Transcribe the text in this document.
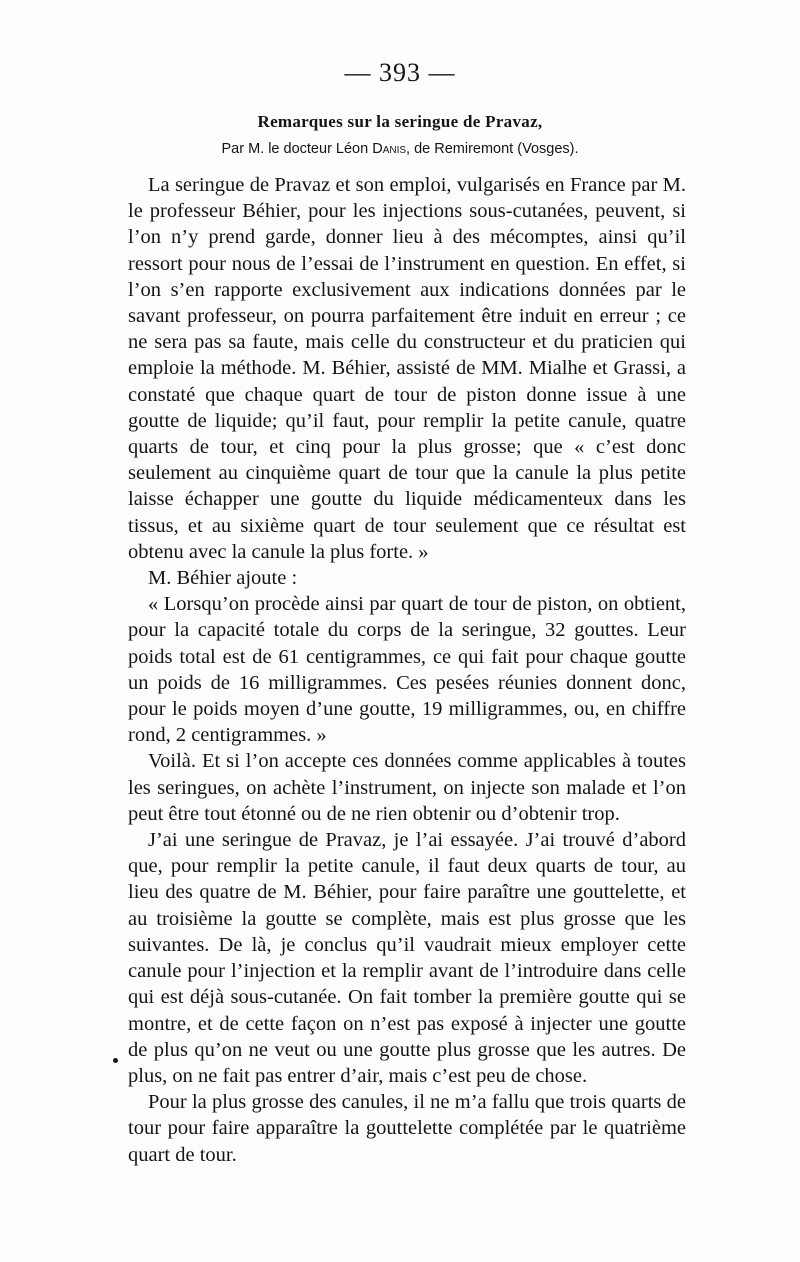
— 393 —
Remarques sur la seringue de Pravaz,
Par M. le docteur Léon Danis, de Remiremont (Vosges).

La seringue de Pravaz et son emploi, vulgarisés en France par M. le professeur Béhier, pour les injections sous-cutanées, peuvent, si l’on n’y prend garde, donner lieu à des mécomptes, ainsi qu’il ressort pour nous de l’essai de l’instrument en question. En effet, si l’on s’en rapporte exclusivement aux indications données par le savant professeur, on pourra parfaitement être induit en erreur ; ce ne sera pas sa faute, mais celle du constructeur et du praticien qui emploie la méthode. M. Béhier, assisté de MM. Mialhe et Grassi, a constaté que chaque quart de tour de piston donne issue à une goutte de liquide; qu’il faut, pour remplir la petite canule, quatre quarts de tour, et cinq pour la plus grosse; que « c’est donc seulement au cinquième quart de tour que la canule la plus petite laisse échapper une goutte du liquide médicamenteux dans les tissus, et au sixième quart de tour seulement que ce résultat est obtenu avec la canule la plus forte. »

M. Béhier ajoute :

« Lorsqu’on procède ainsi par quart de tour de piston, on obtient, pour la capacité totale du corps de la seringue, 32 gouttes. Leur poids total est de 61 centigrammes, ce qui fait pour chaque goutte un poids de 16 milligrammes. Ces pesées réunies donnent donc, pour le poids moyen d’une goutte, 19 milligrammes, ou, en chiffre rond, 2 centigrammes. »

Voilà. Et si l’on accepte ces données comme applicables à toutes les seringues, on achète l’instrument, on injecte son malade et l’on peut être tout étonné ou de ne rien obtenir ou d’obtenir trop.

J’ai une seringue de Pravaz, je l’ai essayée. J’ai trouvé d’abord que, pour remplir la petite canule, il faut deux quarts de tour, au lieu des quatre de M. Béhier, pour faire paraître une gouttelette, et au troisième la goutte se complète, mais est plus grosse que les suivantes. De là, je conclus qu’il vaudrait mieux employer cette canule pour l’injection et la remplir avant de l’introduire dans celle qui est déjà sous-cutanée. On fait tomber la première goutte qui se montre, et de cette façon on n’est pas exposé à injecter une goutte de plus qu’on ne veut ou une goutte plus grosse que les autres. De plus, on ne fait pas entrer d’air, mais c’est peu de chose.

Pour la plus grosse des canules, il ne m’a fallu que trois quarts de tour pour faire apparaître la gouttelette complétée par le quatrième quart de tour.
